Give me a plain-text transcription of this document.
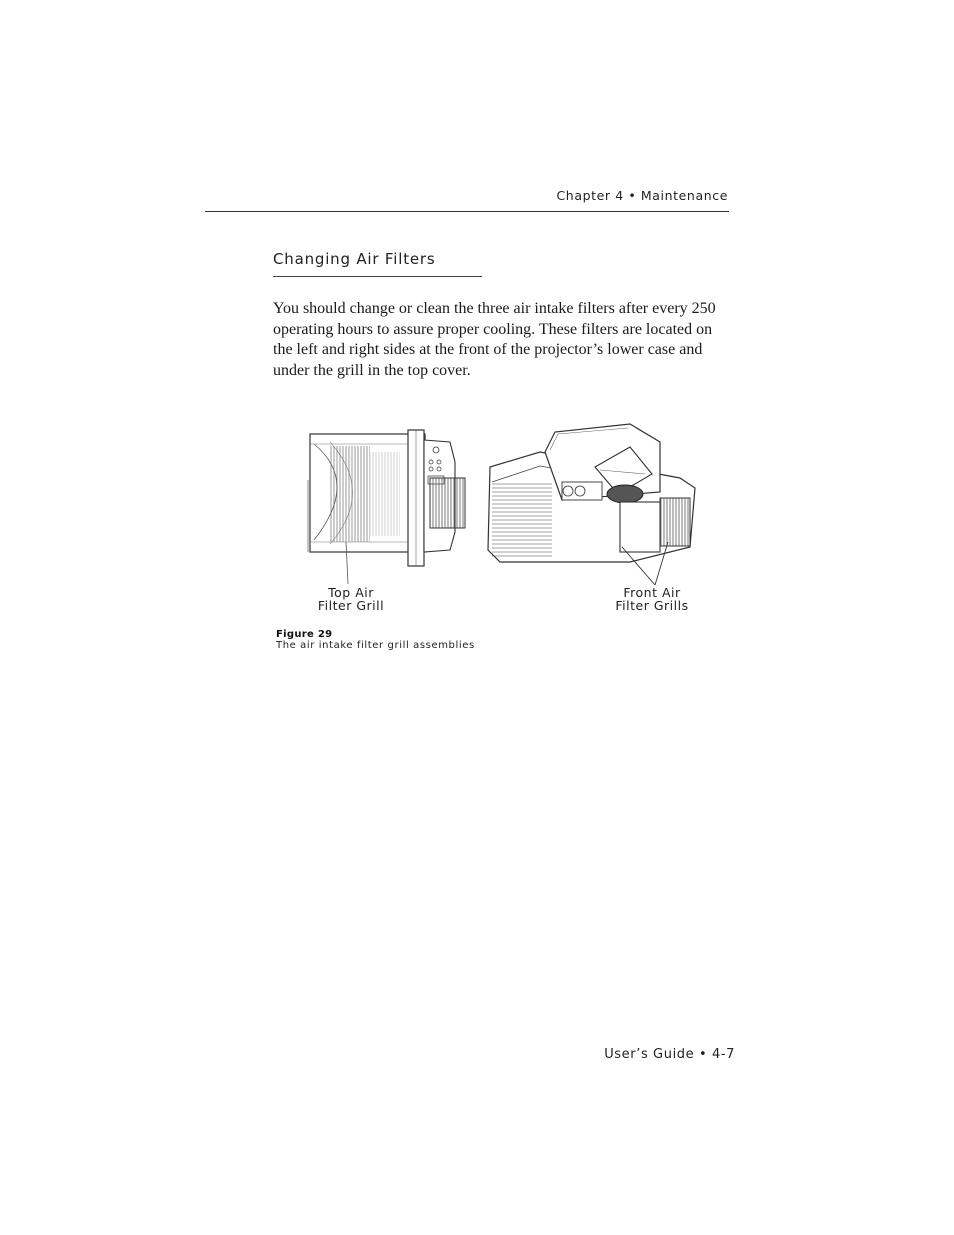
Chapter 4 • Maintenance
Changing Air Filters
You should change or clean the three air intake filters after every 250 operating hours to assure proper cooling. These filters are located on the left and right sides at the front of the projector’s lower case and under the grill in the top cover.
Top Air
Filter Grill
Front Air
Filter Grills
Figure 29
The air intake filter grill assemblies
User’s Guide • 4-7
